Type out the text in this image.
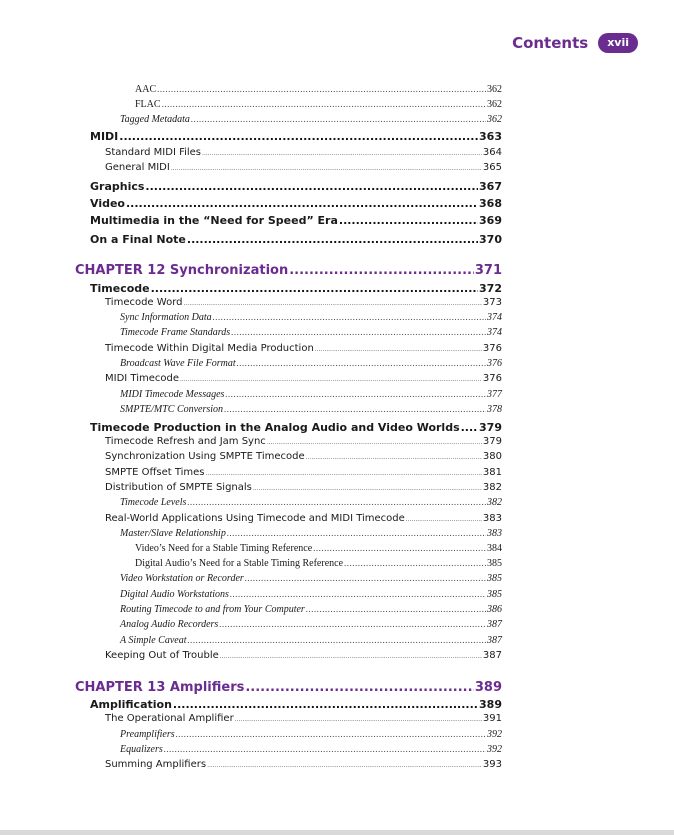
Contents	xvii
AAC .....	362
FLAC .....	362
Tagged Metadata .....	362
MIDI .....	363
Standard MIDI Files .....	364
General MIDI .....	365
Graphics .....	367
Video .....	368
Multimedia in the “Need for Speed” Era .....	369
On a Final Note .....	370
CHAPTER 12 Synchronization .....	371
Timecode .....	372
Timecode Word .....	373
Sync Information Data .....	374
Timecode Frame Standards .....	374
Timecode Within Digital Media Production .....	376
Broadcast Wave File Format .....	376
MIDI Timecode .....	376
MIDI Timecode Messages .....	377
SMPTE/MTC Conversion .....	378
Timecode Production in the Analog Audio and Video Worlds ..... 379
Timecode Refresh and Jam Sync .....	379
Synchronization Using SMPTE Timecode .....	380
SMPTE Offset Times .....	381
Distribution of SMPTE Signals .....	382
Timecode Levels .....	382
Real-World Applications Using Timecode and MIDI Timecode .....	383
Master/Slave Relationship .....	383
Video’s Need for a Stable Timing Reference .....	384
Digital Audio’s Need for a Stable Timing Reference .....	385
Video Workstation or Recorder .....	385
Digital Audio Workstations .....	385
Routing Timecode to and from Your Computer .....	386
Analog Audio Recorders .....	387
A Simple Caveat .....	387
Keeping Out of Trouble .....	387
CHAPTER 13 Amplifiers .....	389
Amplification .....	389
The Operational Amplifier .....	391
Preamplifiers .....	392
Equalizers .....	392
Summing Amplifiers .....	393
